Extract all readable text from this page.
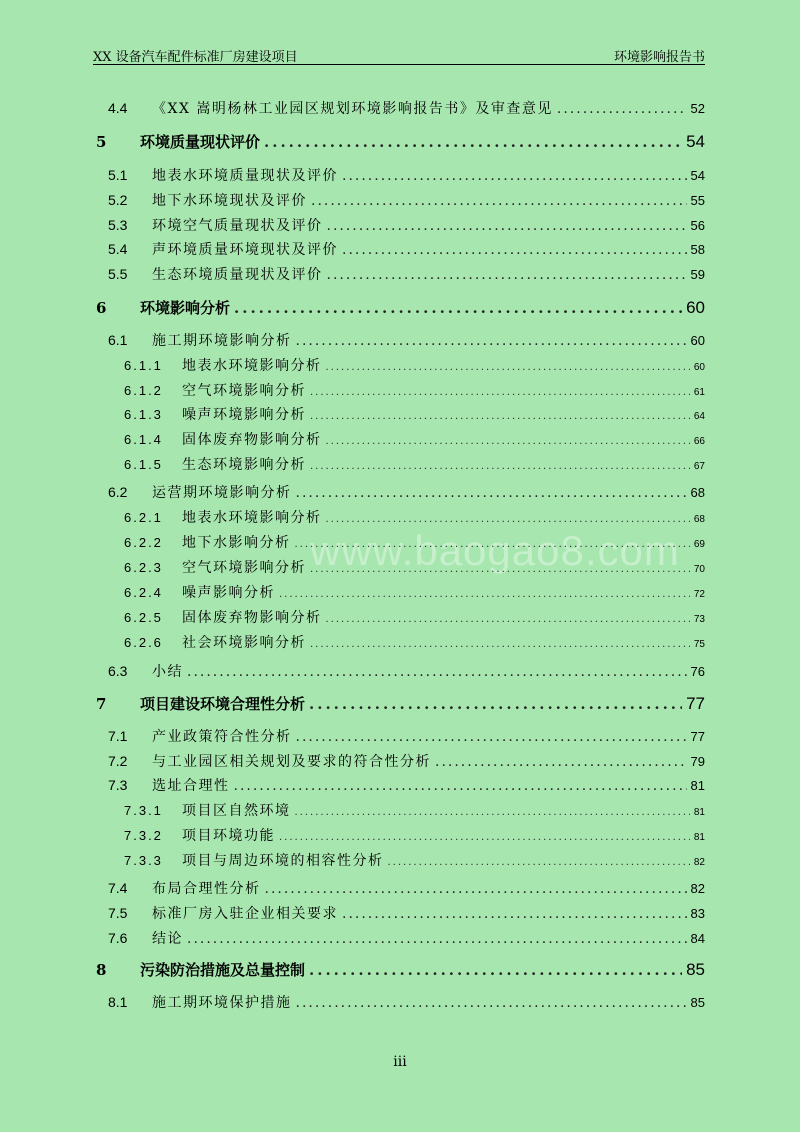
XX 设备汽车配件标准厂房建设项目	环境影响报告书
www.baogao8.com
4.4	《XX 嵩明杨林工业园区规划环境影响报告书》及审查意见 .....	52
5	环境质量现状评价 .....	54
5.1	地表水环境质量现状及评价 .....	54
5.2	地下水环境现状及评价 .....	55
5.3	环境空气质量现状及评价 .....	56
5.4	声环境质量环境现状及评价 .....	58
5.5	生态环境质量现状及评价 .....	59
6	环境影响分析 .....	60
6.1	施工期环境影响分析 .....	60
6.1.1	地表水环境影响分析 .....	60
6.1.2	空气环境影响分析 .....	61
6.1.3	噪声环境影响分析 .....	64
6.1.4	固体废弃物影响分析 .....	66
6.1.5	生态环境影响分析 .....	67
6.2	运营期环境影响分析 .....	68
6.2.1	地表水环境影响分析 .....	68
6.2.2	地下水影响分析 .....	69
6.2.3	空气环境影响分析 .....	70
6.2.4	噪声影响分析 .....	72
6.2.5	固体废弃物影响分析 .....	73
6.2.6	社会环境影响分析 .....	75
6.3	小结 .....	76
7	项目建设环境合理性分析 .....	77
7.1	产业政策符合性分析 .....	77
7.2	与工业园区相关规划及要求的符合性分析 .....	79
7.3	选址合理性 .....	81
7.3.1	项目区自然环境 .....	81
7.3.2	项目环境功能 .....	81
7.3.3	项目与周边环境的相容性分析 .....	82
7.4	布局合理性分析 .....	82
7.5	标准厂房入驻企业相关要求 .....	83
7.6	结论 .....	84
8	污染防治措施及总量控制 .....	85
8.1	施工期环境保护措施 .....	85
iii
